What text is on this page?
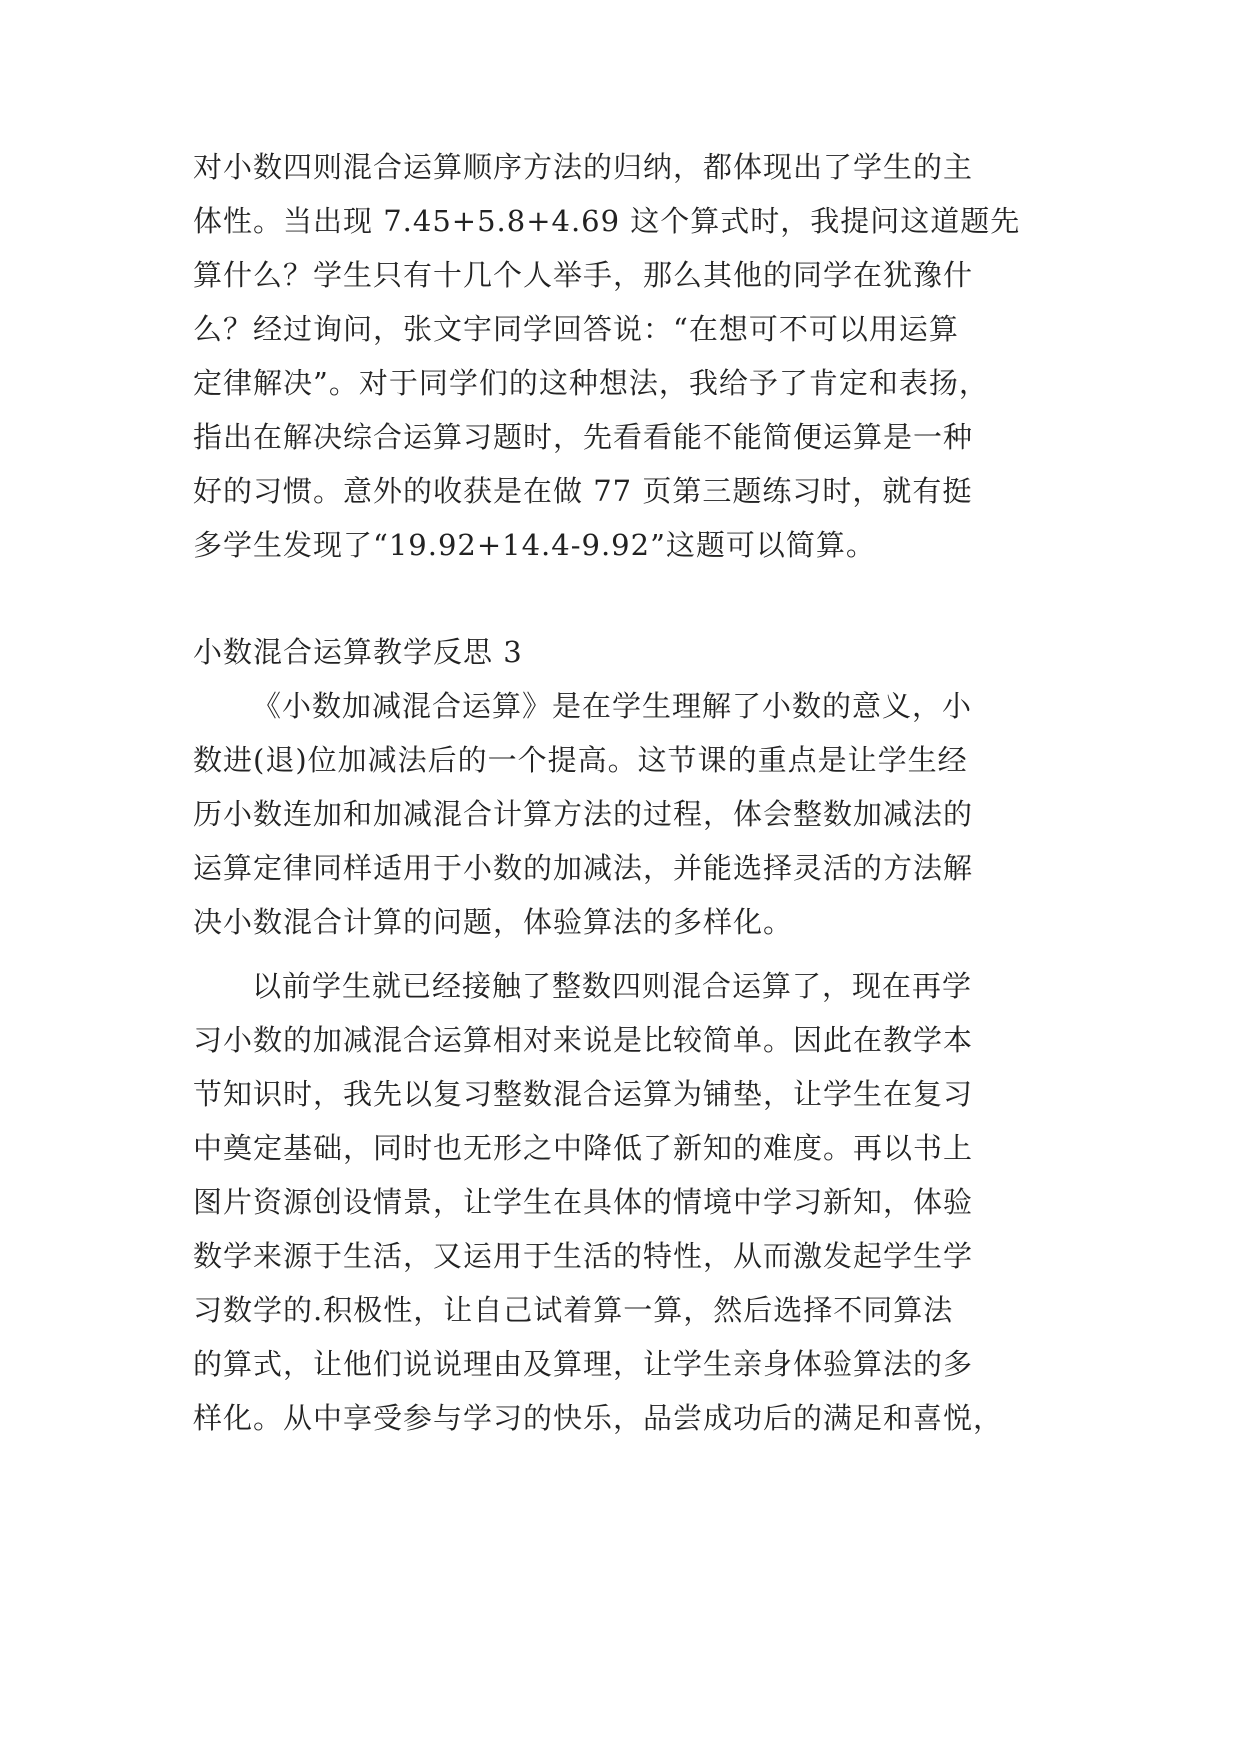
对小数四则混合运算顺序方法的归纳，都体现出了学生的主
体性。当出现 7.45+5.8+4.69 这个算式时，我提问这道题先
算什么？学生只有十几个人举手，那么其他的同学在犹豫什
么？经过询问，张文宇同学回答说：“在想可不可以用运算
定律解决”。对于同学们的这种想法，我给予了肯定和表扬，
指出在解决综合运算习题时，先看看能不能简便运算是一种
好的习惯。意外的收获是在做 77 页第三题练习时，就有挺
多学生发现了“19.92+14.4-9.92”这题可以简算。
小数混合运算教学反思 3
《小数加减混合运算》是在学生理解了小数的意义，小
数进(退)位加减法后的一个提高。这节课的重点是让学生经
历小数连加和加减混合计算方法的过程，体会整数加减法的
运算定律同样适用于小数的加减法，并能选择灵活的方法解
决小数混合计算的问题，体验算法的多样化。
以前学生就已经接触了整数四则混合运算了，现在再学
习小数的加减混合运算相对来说是比较简单。因此在教学本
节知识时，我先以复习整数混合运算为铺垫，让学生在复习
中奠定基础，同时也无形之中降低了新知的难度。再以书上
图片资源创设情景，让学生在具体的情境中学习新知，体验
数学来源于生活，又运用于生活的特性，从而激发起学生学
习数学的.积极性，让自己试着算一算，然后选择不同算法
的算式，让他们说说理由及算理，让学生亲身体验算法的多
样化。从中享受参与学习的快乐，品尝成功后的满足和喜悦，
